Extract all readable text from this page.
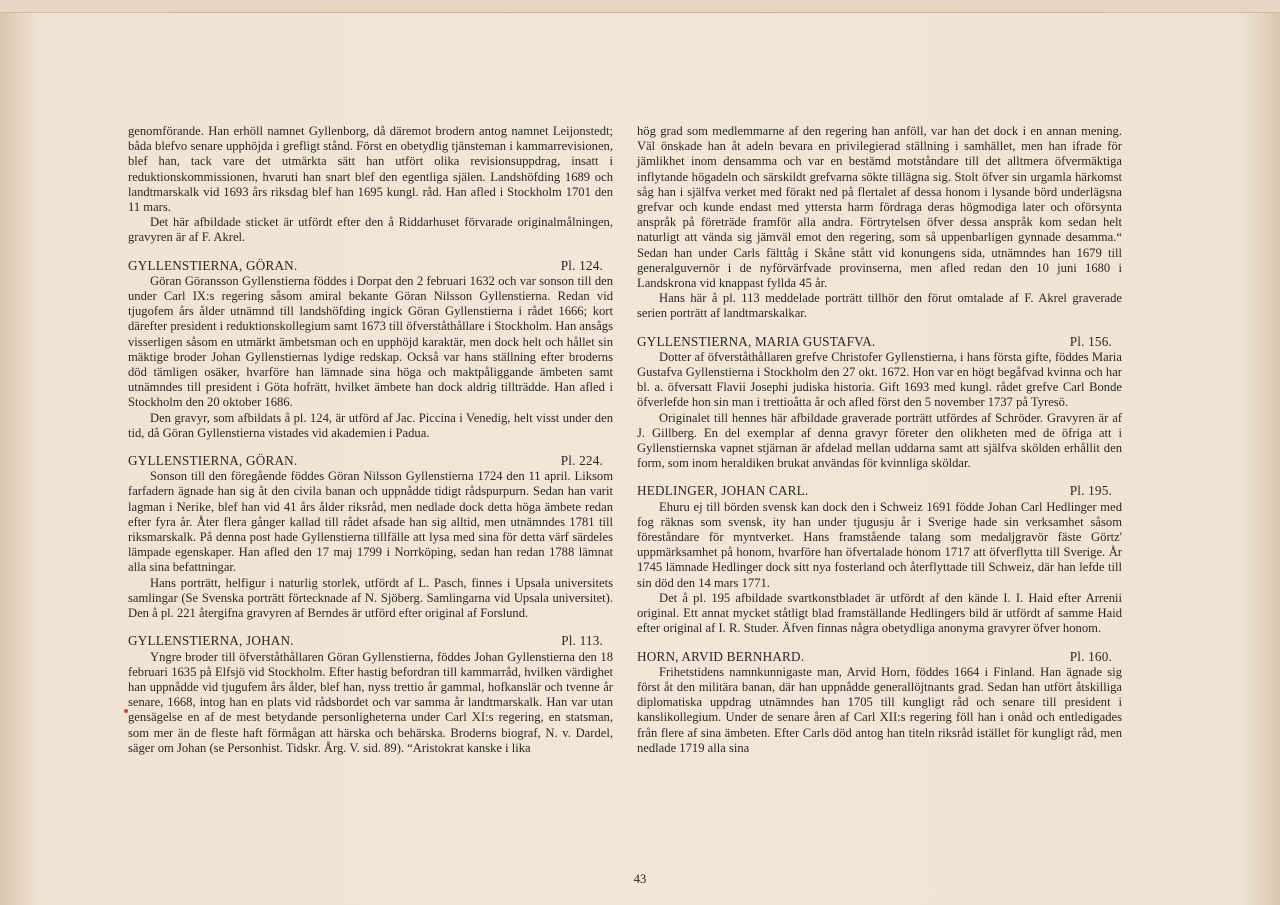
genomförande. Han erhöll namnet Gyllenborg, då däremot brodern antog namnet Leijonstedt; båda blefvo senare upphöjda i grefligt stånd. Först en obetydlig tjänsteman i kammarrevisionen, blef han, tack vare det utmärkta sätt han utfört olika revisionsuppdrag, insatt i reduktionskommissionen, hvaruti han snart blef den egentliga själen. Landshöfding 1689 och landtmarskalk vid 1693 års riksdag blef han 1695 kungl. råd. Han afled i Stockholm 1701 den 11 mars.

Det här afbildade sticket är utfördt efter den å Riddarhuset förvarade originalmålningen, gravyren är af F. Akrel.

GYLLENSTIERNA, GÖRAN.	Pl. 124.

Göran Göransson Gyllenstierna föddes i Dorpat den 2 februari 1632 och var sonson till den under Carl IX:s regering såsom amiral bekante Göran Nilsson Gyllenstierna. Redan vid tjugofem års ålder utnämnd till landshöfding ingick Göran Gyllenstierna i rådet 1666; kort därefter president i reduktionskollegium samt 1673 till öfverståthållare i Stockholm. Han ansågs visserligen såsom en utmärkt ämbetsman och en upphöjd karaktär, men dock helt och hållet sin mäktige broder Johan Gyllenstiernas lydige redskap. Också var hans ställning efter broderns död tämligen osäker, hvarföre han lämnade sina höga och maktpåliggande ämbeten samt utnämndes till president i Göta hofrätt, hvilket ämbete han dock aldrig tillträdde. Han afled i Stockholm den 20 oktober 1686.

Den gravyr, som afbildats å pl. 124, är utförd af Jac. Piccina i Venedig, helt visst under den tid, då Göran Gyllenstierna vistades vid akademien i Padua.

GYLLENSTIERNA, GÖRAN.	Pl. 224.

Sonson till den föregående föddes Göran Nilsson Gyllenstierna 1724 den 11 april. Liksom farfadern ägnade han sig åt den civila banan och uppnådde tidigt rådspurpurn. Sedan han varit lagman i Nerike, blef han vid 41 års ålder riksråd, men nedlade dock detta höga ämbete redan efter fyra år. Åter flera gånger kallad till rådet afsade han sig alltid, men utnämndes 1781 till riksmarskalk. På denna post hade Gyllenstierna tillfälle att lysa med sina för detta värf särdeles lämpade egenskaper. Han afled den 17 maj 1799 i Norrköping, sedan han redan 1788 lämnat alla sina befattningar.

Hans porträtt, helfigur i naturlig storlek, utfördt af L. Pasch, finnes i Upsala universitets samlingar (Se Svenska porträtt förtecknade af N. Sjöberg. Samlingarna vid Upsala universitet). Den å pl. 221 återgifna gravyren af Berndes är utförd efter original af Forslund.

GYLLENSTIERNA, JOHAN.	Pl. 113.

Yngre broder till öfverståthållaren Göran Gyllenstierna, föddes Johan Gyllenstierna den 18 februari 1635 på Elfsjö vid Stockholm. Efter hastig befordran till kammarråd, hvilken värdighet han uppnådde vid tjugufem års ålder, blef han, nyss trettio år gammal, hofkanslär och tvenne år senare, 1668, intog han en plats vid rådsbordet och var samma år landtmarskalk. Han var utan gensägelse en af de mest betydande personligheterna under Carl XI:s regering, en statsman, som mer än de fleste haft förmågan att härska och behärska. Broderns biograf, N. v. Dardel, säger om Johan (se Personhist. Tidskr. Årg. V. sid. 89). “Aristokrat kanske i lika

hög grad som medlemmarne af den regering han anföll, var han det dock i en annan mening. Väl önskade han åt adeln bevara en privilegierad ställning i samhället, men han ifrade för jämlikhet inom densamma och var en bestämd motståndare till det alltmera öfvermäktiga inflytande högadeln och särskildt grefvarna sökte tillägna sig. Stolt öfver sin urgamla härkomst såg han i själfva verket med förakt ned på flertalet af dessa honom i lysande börd underlägsna grefvar och kunde endast med yttersta harm fördraga deras högmodiga later och oförsynta anspråk på företräde framför alla andra. Förtrytelsen öfver dessa anspråk kom sedan helt naturligt att vända sig jämväl emot den regering, som så uppenbarligen gynnade desamma.“ Sedan han under Carls fälttåg i Skåne stått vid konungens sida, utnämndes han 1679 till generalguvernör i de nyförvärfvade provinserna, men afled redan den 10 juni 1680 i Landskrona vid knappast fyllda 45 år.

Hans här å pl. 113 meddelade porträtt tillhör den förut omtalade af F. Akrel graverade serien porträtt af landtmarskalkar.

GYLLENSTIERNA, MARIA GUSTAFVA.	Pl. 156.

Dotter af öfverståthållaren grefve Christofer Gyllenstierna, i hans första gifte, föddes Maria Gustafva Gyllenstierna i Stockholm den 27 okt. 1672. Hon var en högt begåfvad kvinna och har bl. a. öfversatt Flavii Josephi judiska historia. Gift 1693 med kungl. rådet grefve Carl Bonde öfverlefde hon sin man i trettioåtta år och afled först den 5 november 1737 på Tyresö.

Originalet till hennes här afbildade graverade porträtt utfördes af Schröder. Gravyren är af J. Gillberg. En del exemplar af denna gravyr företer den olikheten med de öfriga att i Gyllenstiernska vapnet stjärnan är afdelad mellan uddarna samt att själfva skölden erhållit den form, som inom heraldiken brukat användas för kvinnliga sköldar.

HEDLINGER, JOHAN CARL.	Pl. 195.

Ehuru ej till börden svensk kan dock den i Schweiz 1691 födde Johan Carl Hedlinger med fog räknas som svensk, ity han under tjugusju år i Sverige hade sin verksamhet såsom föreståndare för myntverket. Hans framstående talang som medaljgravör fäste Görtz' uppmärksamhet på honom, hvarföre han öfvertalade honom 1717 att öfverflytta till Sverige. År 1745 lämnade Hedlinger dock sitt nya fosterland och återflyttade till Schweiz, där han lefde till sin död den 14 mars 1771.

Det å pl. 195 afbildade svartkonstbladet är utfördt af den kände I. I. Haid efter Arrenii original. Ett annat mycket ståtligt blad framställande Hedlingers bild är utfördt af samme Haid efter original af I. R. Studer. Äfven finnas några obetydliga anonyma gravyrer öfver honom.

HORN, ARVID BERNHARD.	Pl. 160.

Frihetstidens namnkunnigaste man, Arvid Horn, föddes 1664 i Finland. Han ägnade sig först åt den militära banan, där han uppnådde generallöjtnants grad. Sedan han utfört åtskilliga diplomatiska uppdrag utnämndes han 1705 till kungligt råd och senare till president i kanslikollegium. Under de senare åren af Carl XII:s regering föll han i onåd och entledigades från flere af sina ämbeten. Efter Carls död antog han titeln riksråd istället för kungligt råd, men nedlade 1719 alla sina

43
